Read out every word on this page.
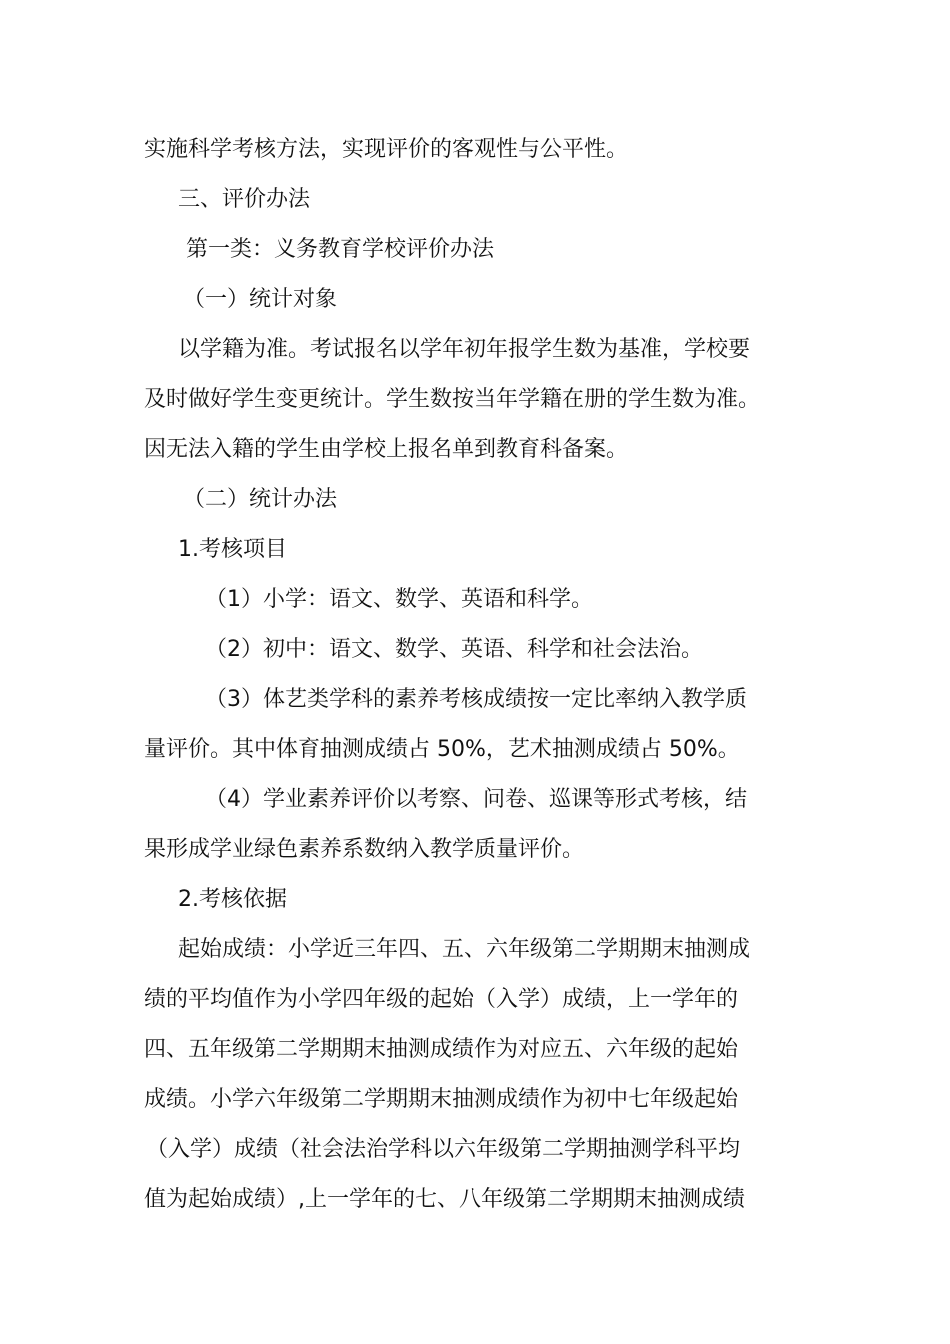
实施科学考核方法，实现评价的客观性与公平性。
三、评价办法
第一类：义务教育学校评价办法
（一）统计对象
以学籍为准。考试报名以学年初年报学生数为基准，学校要
及时做好学生变更统计。学生数按当年学籍在册的学生数为准。
因无法入籍的学生由学校上报名单到教育科备案。
（二）统计办法
1.考核项目
（1）小学：语文、数学、英语和科学。
（2）初中：语文、数学、英语、科学和社会法治。
（3）体艺类学科的素养考核成绩按一定比率纳入教学质
量评价。其中体育抽测成绩占 50%，艺术抽测成绩占 50%。
（4）学业素养评价以考察、问卷、巡课等形式考核，结
果形成学业绿色素养系数纳入教学质量评价。
2.考核依据
起始成绩：小学近三年四、五、六年级第二学期期末抽测成
绩的平均值作为小学四年级的起始（入学）成绩，上一学年的
四、五年级第二学期期末抽测成绩作为对应五、六年级的起始
成绩。小学六年级第二学期期末抽测成绩作为初中七年级起始
（入学）成绩（社会法治学科以六年级第二学期抽测学科平均
值为起始成绩）,上一学年的七、八年级第二学期期末抽测成绩
